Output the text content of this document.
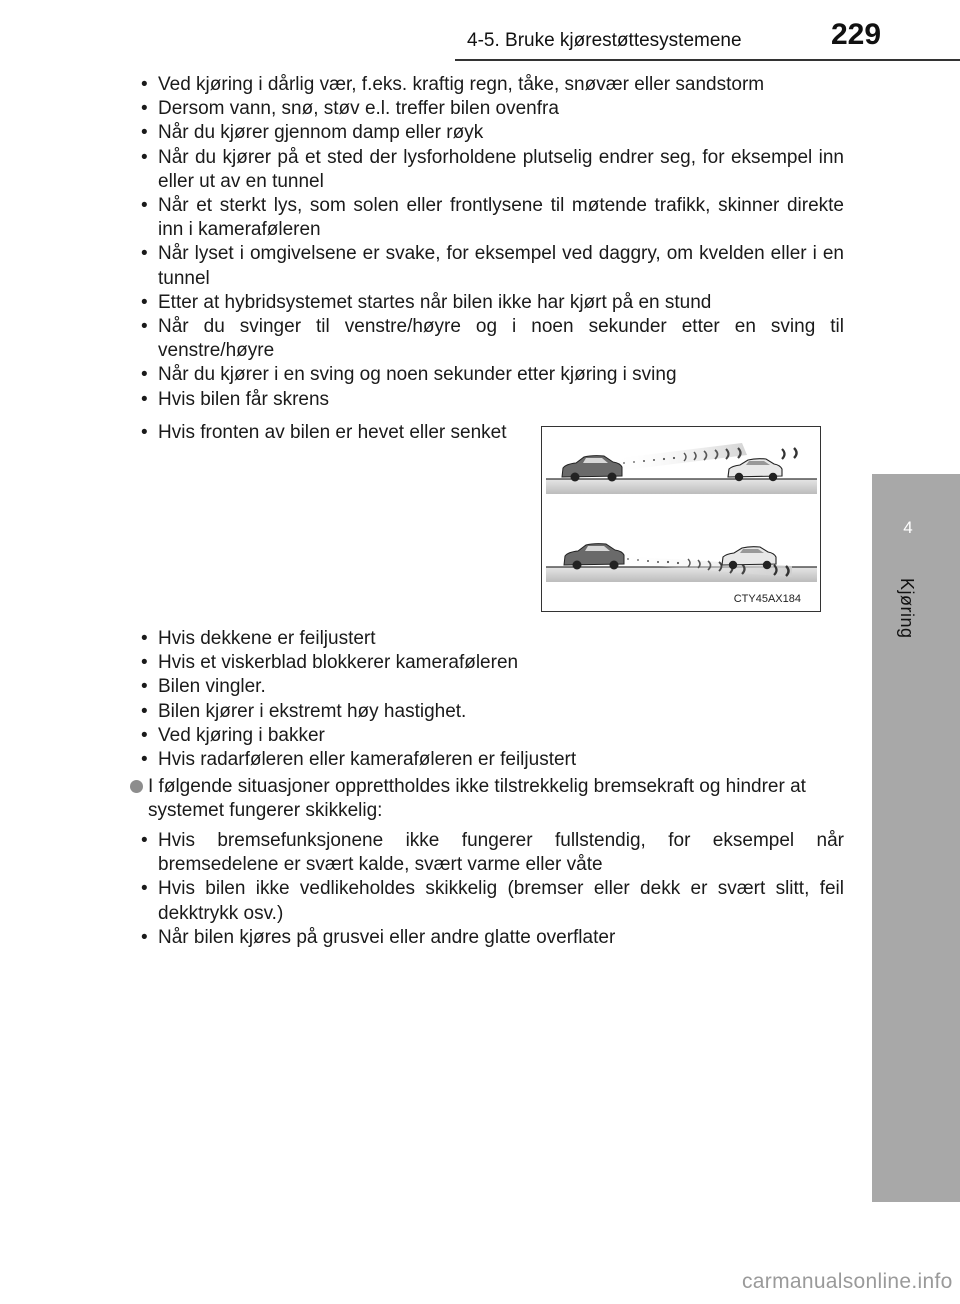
4-5. Bruke kjørestøttesystemene	229
4
Kjøring
• Ved kjøring i dårlig vær, f.eks. kraftig regn, tåke, snøvær eller sandstorm
• Dersom vann, snø, støv e.l. treffer bilen ovenfra
• Når du kjører gjennom damp eller røyk
• Når du kjører på et sted der lysforholdene plutselig endrer seg, for eksempel inn eller ut av en tunnel
• Når et sterkt lys, som solen eller frontlysene til møtende trafikk, skinner direkte inn i kameraføleren
• Når lyset i omgivelsene er svake, for eksempel ved daggry, om kvelden eller i en tunnel
• Etter at hybridsystemet startes når bilen ikke har kjørt på en stund
• Når du svinger til venstre/høyre og i noen sekunder etter en sving til venstre/høyre
• Når du kjører i en sving og noen sekunder etter kjøring i sving
• Hvis bilen får skrens
• Hvis fronten av bilen er hevet eller senket
• Hvis dekkene er feiljustert
• Hvis et viskerblad blokkerer kameraføleren
• Bilen vingler.
• Bilen kjører i ekstremt høy hastighet.
• Ved kjøring i bakker
• Hvis radarføleren eller kameraføleren er feiljustert
• Hvis bremsefunksjonene ikke fungerer fullstendig, for eksempel når bremsedelene er svært kalde, svært varme eller våte
• Hvis bilen ikke vedlikeholdes skikkelig (bremser eller dekk er svært slitt, feil dekktrykk osv.)
• Når bilen kjøres på grusvei eller andre glatte overflater
I følgende situasjoner opprettholdes ikke tilstrekkelig bremsekraft og hindrer at systemet fungerer skikkelig:
CTY45AX184
carmanualsonline.info
